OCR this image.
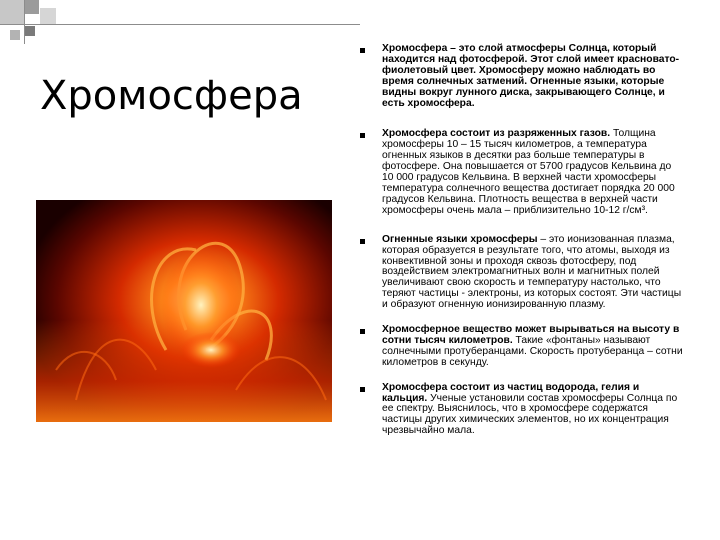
Хромосфера

Хромосфера – это слой атмосферы Солнца, который находится над фотосферой. Этот слой имеет красновато-фиолетовый цвет. Хромосферу можно наблюдать во время солнечных затмений. Огненные языки, которые видны вокруг лунного диска, закрывающего Солнце, и есть хромосфера.

Хромосфера состоит из разряженных газов. Толщина хромосферы 10 – 15 тысяч километров, а температура огненных языков в десятки раз больше температуры в фотосфере. Она повышается от 5700 градусов Кельвина до 10 000 градусов Кельвина. В верхней части хромосферы температура солнечного вещества достигает порядка 20 000 градусов Кельвина. Плотность вещества в верхней части хромосферы очень мала – приблизительно 10-12 г/см³.

Огненные языки хромосферы – это ионизованная плазма, которая образуется в результате того, что атомы, выходя из конвективной зоны и проходя сквозь фотосферу, под воздействием электромагнитных волн и магнитных полей увеличивают свою скорость и температуру настолько, что теряют частицы - электроны, из которых состоят. Эти частицы и образуют огненную ионизированную плазму.

Хромосферное вещество может вырываться на высоту в сотни тысяч километров. Такие «фонтаны» называют солнечными протуберанцами. Скорость протуберанца – сотни километров в секунду.

Хромосфера состоит из частиц водорода, гелия и кальция. Ученые установили состав хромосферы Солнца по ее спектру. Выяснилось, что в хромосфере содержатся частицы других химических элементов, но их концентрация чрезвычайно мала.
